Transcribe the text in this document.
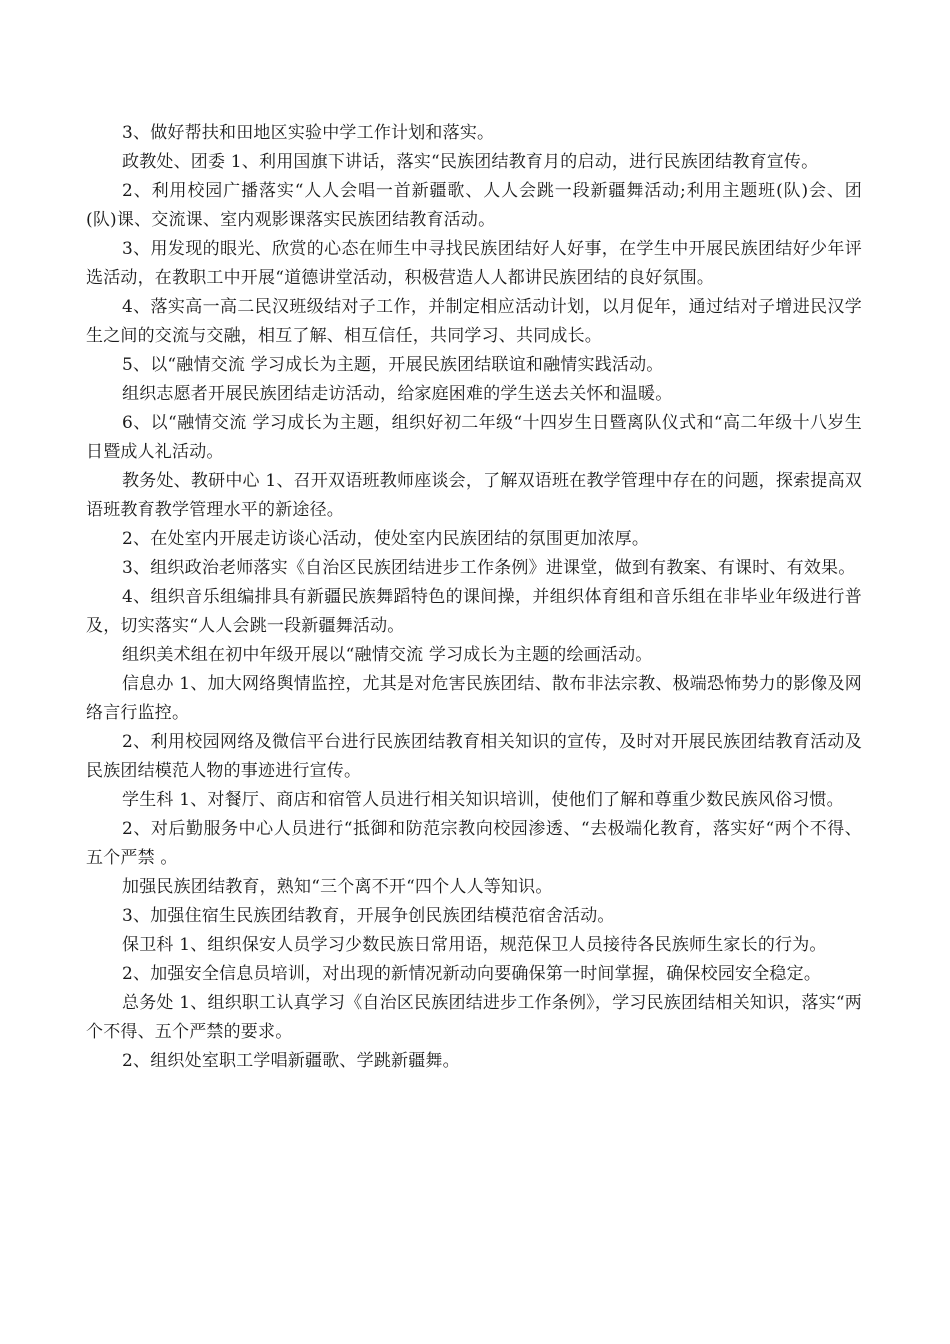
3、做好帮扶和田地区实验中学工作计划和落实。

政教处、团委 1、利用国旗下讲话，落实“民族团结教育月的启动，进行民族团结教育宣传。

2、利用校园广播落实“人人会唱一首新疆歌、人人会跳一段新疆舞活动;利用主题班(队)会、团(队)课、交流课、室内观影课落实民族团结教育活动。

3、用发现的眼光、欣赏的心态在师生中寻找民族团结好人好事，在学生中开展民族团结好少年评选活动，在教职工中开展“道德讲堂活动，积极营造人人都讲民族团结的良好氛围。

4、落实高一高二民汉班级结对子工作，并制定相应活动计划，以月促年，通过结对子增进民汉学生之间的交流与交融，相互了解、相互信任，共同学习、共同成长。

5、以“融情交流 学习成长为主题，开展民族团结联谊和融情实践活动。

组织志愿者开展民族团结走访活动，给家庭困难的学生送去关怀和温暖。

6、以“融情交流 学习成长为主题，组织好初二年级“十四岁生日暨离队仪式和“高二年级十八岁生日暨成人礼活动。

教务处、教研中心 1、召开双语班教师座谈会，了解双语班在教学管理中存在的问题，探索提高双语班教育教学管理水平的新途径。

2、在处室内开展走访谈心活动，使处室内民族团结的氛围更加浓厚。

3、组织政治老师落实《自治区民族团结进步工作条例》进课堂，做到有教案、有课时、有效果。

4、组织音乐组编排具有新疆民族舞蹈特色的课间操，并组织体育组和音乐组在非毕业年级进行普及，切实落实“人人会跳一段新疆舞活动。

组织美术组在初中年级开展以“融情交流 学习成长为主题的绘画活动。

信息办 1、加大网络舆情监控，尤其是对危害民族团结、散布非法宗教、极端恐怖势力的影像及网络言行监控。

2、利用校园网络及微信平台进行民族团结教育相关知识的宣传，及时对开展民族团结教育活动及民族团结模范人物的事迹进行宣传。

学生科 1、对餐厅、商店和宿管人员进行相关知识培训，使他们了解和尊重少数民族风俗习惯。

2、对后勤服务中心人员进行“抵御和防范宗教向校园渗透、“去极端化教育，落实好“两个不得、五个严禁 。

加强民族团结教育，熟知“三个离不开“四个人人等知识。

3、加强住宿生民族团结教育，开展争创民族团结模范宿舍活动。

保卫科 1、组织保安人员学习少数民族日常用语，规范保卫人员接待各民族师生家长的行为。

2、加强安全信息员培训，对出现的新情况新动向要确保第一时间掌握，确保校园安全稳定。

总务处 1、组织职工认真学习《自治区民族团结进步工作条例》，学习民族团结相关知识，落实“两个不得、五个严禁的要求。

2、组织处室职工学唱新疆歌、学跳新疆舞。
